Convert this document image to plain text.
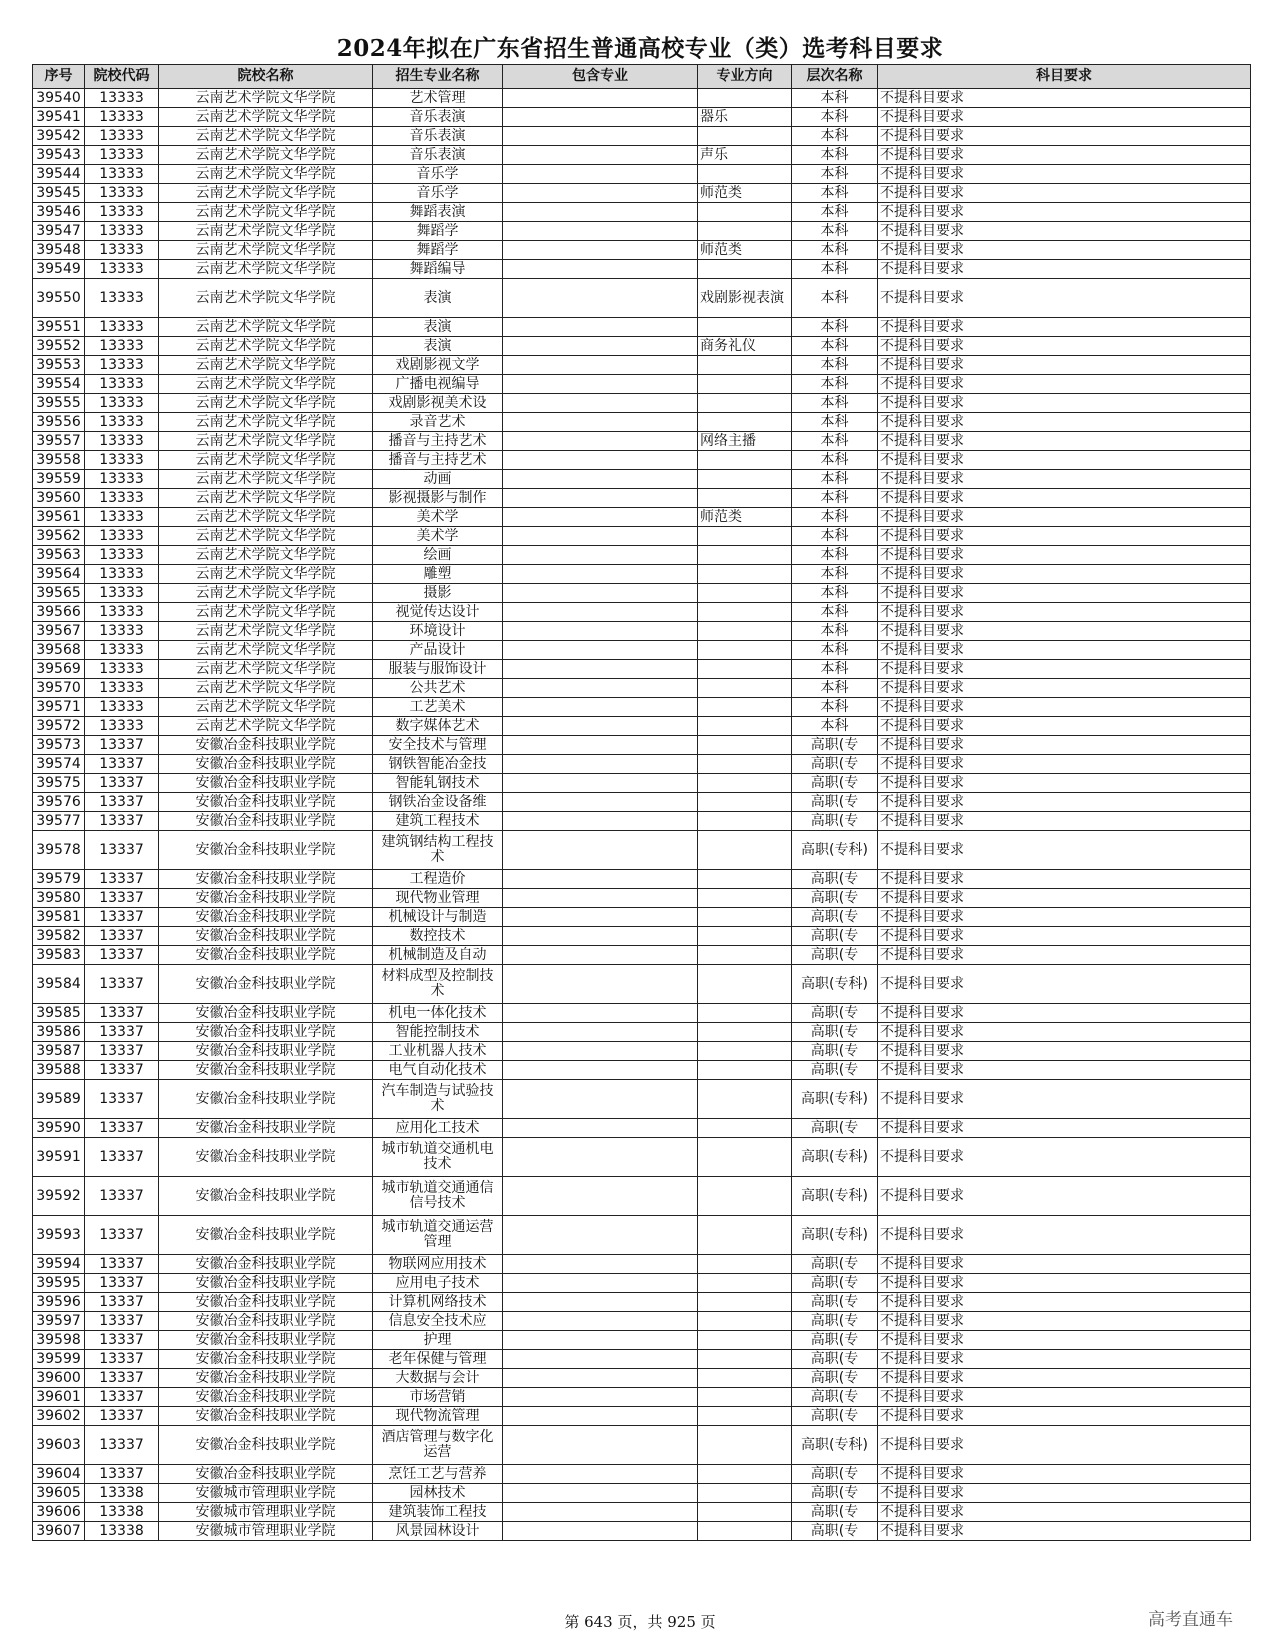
2024年拟在广东省招生普通高校专业（类）选考科目要求
序号	院校代码	院校名称	招生专业名称	包含专业	专业方向	层次名称	科目要求
39540	13333	云南艺术学院文华学院	艺术管理			本科	不提科目要求
39541	13333	云南艺术学院文华学院	音乐表演		器乐	本科	不提科目要求
39542	13333	云南艺术学院文华学院	音乐表演			本科	不提科目要求
39543	13333	云南艺术学院文华学院	音乐表演		声乐	本科	不提科目要求
39544	13333	云南艺术学院文华学院	音乐学			本科	不提科目要求
39545	13333	云南艺术学院文华学院	音乐学		师范类	本科	不提科目要求
39546	13333	云南艺术学院文华学院	舞蹈表演			本科	不提科目要求
39547	13333	云南艺术学院文华学院	舞蹈学			本科	不提科目要求
39548	13333	云南艺术学院文华学院	舞蹈学		师范类	本科	不提科目要求
39549	13333	云南艺术学院文华学院	舞蹈编导			本科	不提科目要求
39550	13333	云南艺术学院文华学院	表演		戏剧影视表演	本科	不提科目要求
39551	13333	云南艺术学院文华学院	表演			本科	不提科目要求
39552	13333	云南艺术学院文华学院	表演		商务礼仪	本科	不提科目要求
39553	13333	云南艺术学院文华学院	戏剧影视文学			本科	不提科目要求
39554	13333	云南艺术学院文华学院	广播电视编导			本科	不提科目要求
39555	13333	云南艺术学院文华学院	戏剧影视美术设			本科	不提科目要求
39556	13333	云南艺术学院文华学院	录音艺术			本科	不提科目要求
39557	13333	云南艺术学院文华学院	播音与主持艺术		网络主播	本科	不提科目要求
39558	13333	云南艺术学院文华学院	播音与主持艺术			本科	不提科目要求
39559	13333	云南艺术学院文华学院	动画			本科	不提科目要求
39560	13333	云南艺术学院文华学院	影视摄影与制作			本科	不提科目要求
39561	13333	云南艺术学院文华学院	美术学		师范类	本科	不提科目要求
39562	13333	云南艺术学院文华学院	美术学			本科	不提科目要求
39563	13333	云南艺术学院文华学院	绘画			本科	不提科目要求
39564	13333	云南艺术学院文华学院	雕塑			本科	不提科目要求
39565	13333	云南艺术学院文华学院	摄影			本科	不提科目要求
39566	13333	云南艺术学院文华学院	视觉传达设计			本科	不提科目要求
39567	13333	云南艺术学院文华学院	环境设计			本科	不提科目要求
39568	13333	云南艺术学院文华学院	产品设计			本科	不提科目要求
39569	13333	云南艺术学院文华学院	服装与服饰设计			本科	不提科目要求
39570	13333	云南艺术学院文华学院	公共艺术			本科	不提科目要求
39571	13333	云南艺术学院文华学院	工艺美术			本科	不提科目要求
39572	13333	云南艺术学院文华学院	数字媒体艺术			本科	不提科目要求
39573	13337	安徽冶金科技职业学院	安全技术与管理			高职(专	不提科目要求
39574	13337	安徽冶金科技职业学院	钢铁智能冶金技			高职(专	不提科目要求
39575	13337	安徽冶金科技职业学院	智能轧钢技术			高职(专	不提科目要求
39576	13337	安徽冶金科技职业学院	钢铁冶金设备维			高职(专	不提科目要求
39577	13337	安徽冶金科技职业学院	建筑工程技术			高职(专	不提科目要求
39578	13337	安徽冶金科技职业学院	建筑钢结构工程技术			高职(专科)	不提科目要求
39579	13337	安徽冶金科技职业学院	工程造价			高职(专	不提科目要求
39580	13337	安徽冶金科技职业学院	现代物业管理			高职(专	不提科目要求
39581	13337	安徽冶金科技职业学院	机械设计与制造			高职(专	不提科目要求
39582	13337	安徽冶金科技职业学院	数控技术			高职(专	不提科目要求
39583	13337	安徽冶金科技职业学院	机械制造及自动			高职(专	不提科目要求
39584	13337	安徽冶金科技职业学院	材料成型及控制技术			高职(专科)	不提科目要求
39585	13337	安徽冶金科技职业学院	机电一体化技术			高职(专	不提科目要求
39586	13337	安徽冶金科技职业学院	智能控制技术			高职(专	不提科目要求
39587	13337	安徽冶金科技职业学院	工业机器人技术			高职(专	不提科目要求
39588	13337	安徽冶金科技职业学院	电气自动化技术			高职(专	不提科目要求
39589	13337	安徽冶金科技职业学院	汽车制造与试验技术			高职(专科)	不提科目要求
39590	13337	安徽冶金科技职业学院	应用化工技术			高职(专	不提科目要求
39591	13337	安徽冶金科技职业学院	城市轨道交通机电技术			高职(专科)	不提科目要求
39592	13337	安徽冶金科技职业学院	城市轨道交通通信信号技术			高职(专科)	不提科目要求
39593	13337	安徽冶金科技职业学院	城市轨道交通运营管理			高职(专科)	不提科目要求
39594	13337	安徽冶金科技职业学院	物联网应用技术			高职(专	不提科目要求
39595	13337	安徽冶金科技职业学院	应用电子技术			高职(专	不提科目要求
39596	13337	安徽冶金科技职业学院	计算机网络技术			高职(专	不提科目要求
39597	13337	安徽冶金科技职业学院	信息安全技术应			高职(专	不提科目要求
39598	13337	安徽冶金科技职业学院	护理			高职(专	不提科目要求
39599	13337	安徽冶金科技职业学院	老年保健与管理			高职(专	不提科目要求
39600	13337	安徽冶金科技职业学院	大数据与会计			高职(专	不提科目要求
39601	13337	安徽冶金科技职业学院	市场营销			高职(专	不提科目要求
39602	13337	安徽冶金科技职业学院	现代物流管理			高职(专	不提科目要求
39603	13337	安徽冶金科技职业学院	酒店管理与数字化运营			高职(专科)	不提科目要求
39604	13337	安徽冶金科技职业学院	烹饪工艺与营养			高职(专	不提科目要求
39605	13338	安徽城市管理职业学院	园林技术			高职(专	不提科目要求
39606	13338	安徽城市管理职业学院	建筑装饰工程技			高职(专	不提科目要求
39607	13338	安徽城市管理职业学院	风景园林设计			高职(专	不提科目要求
第 643 页，共 925 页	高考直通车
